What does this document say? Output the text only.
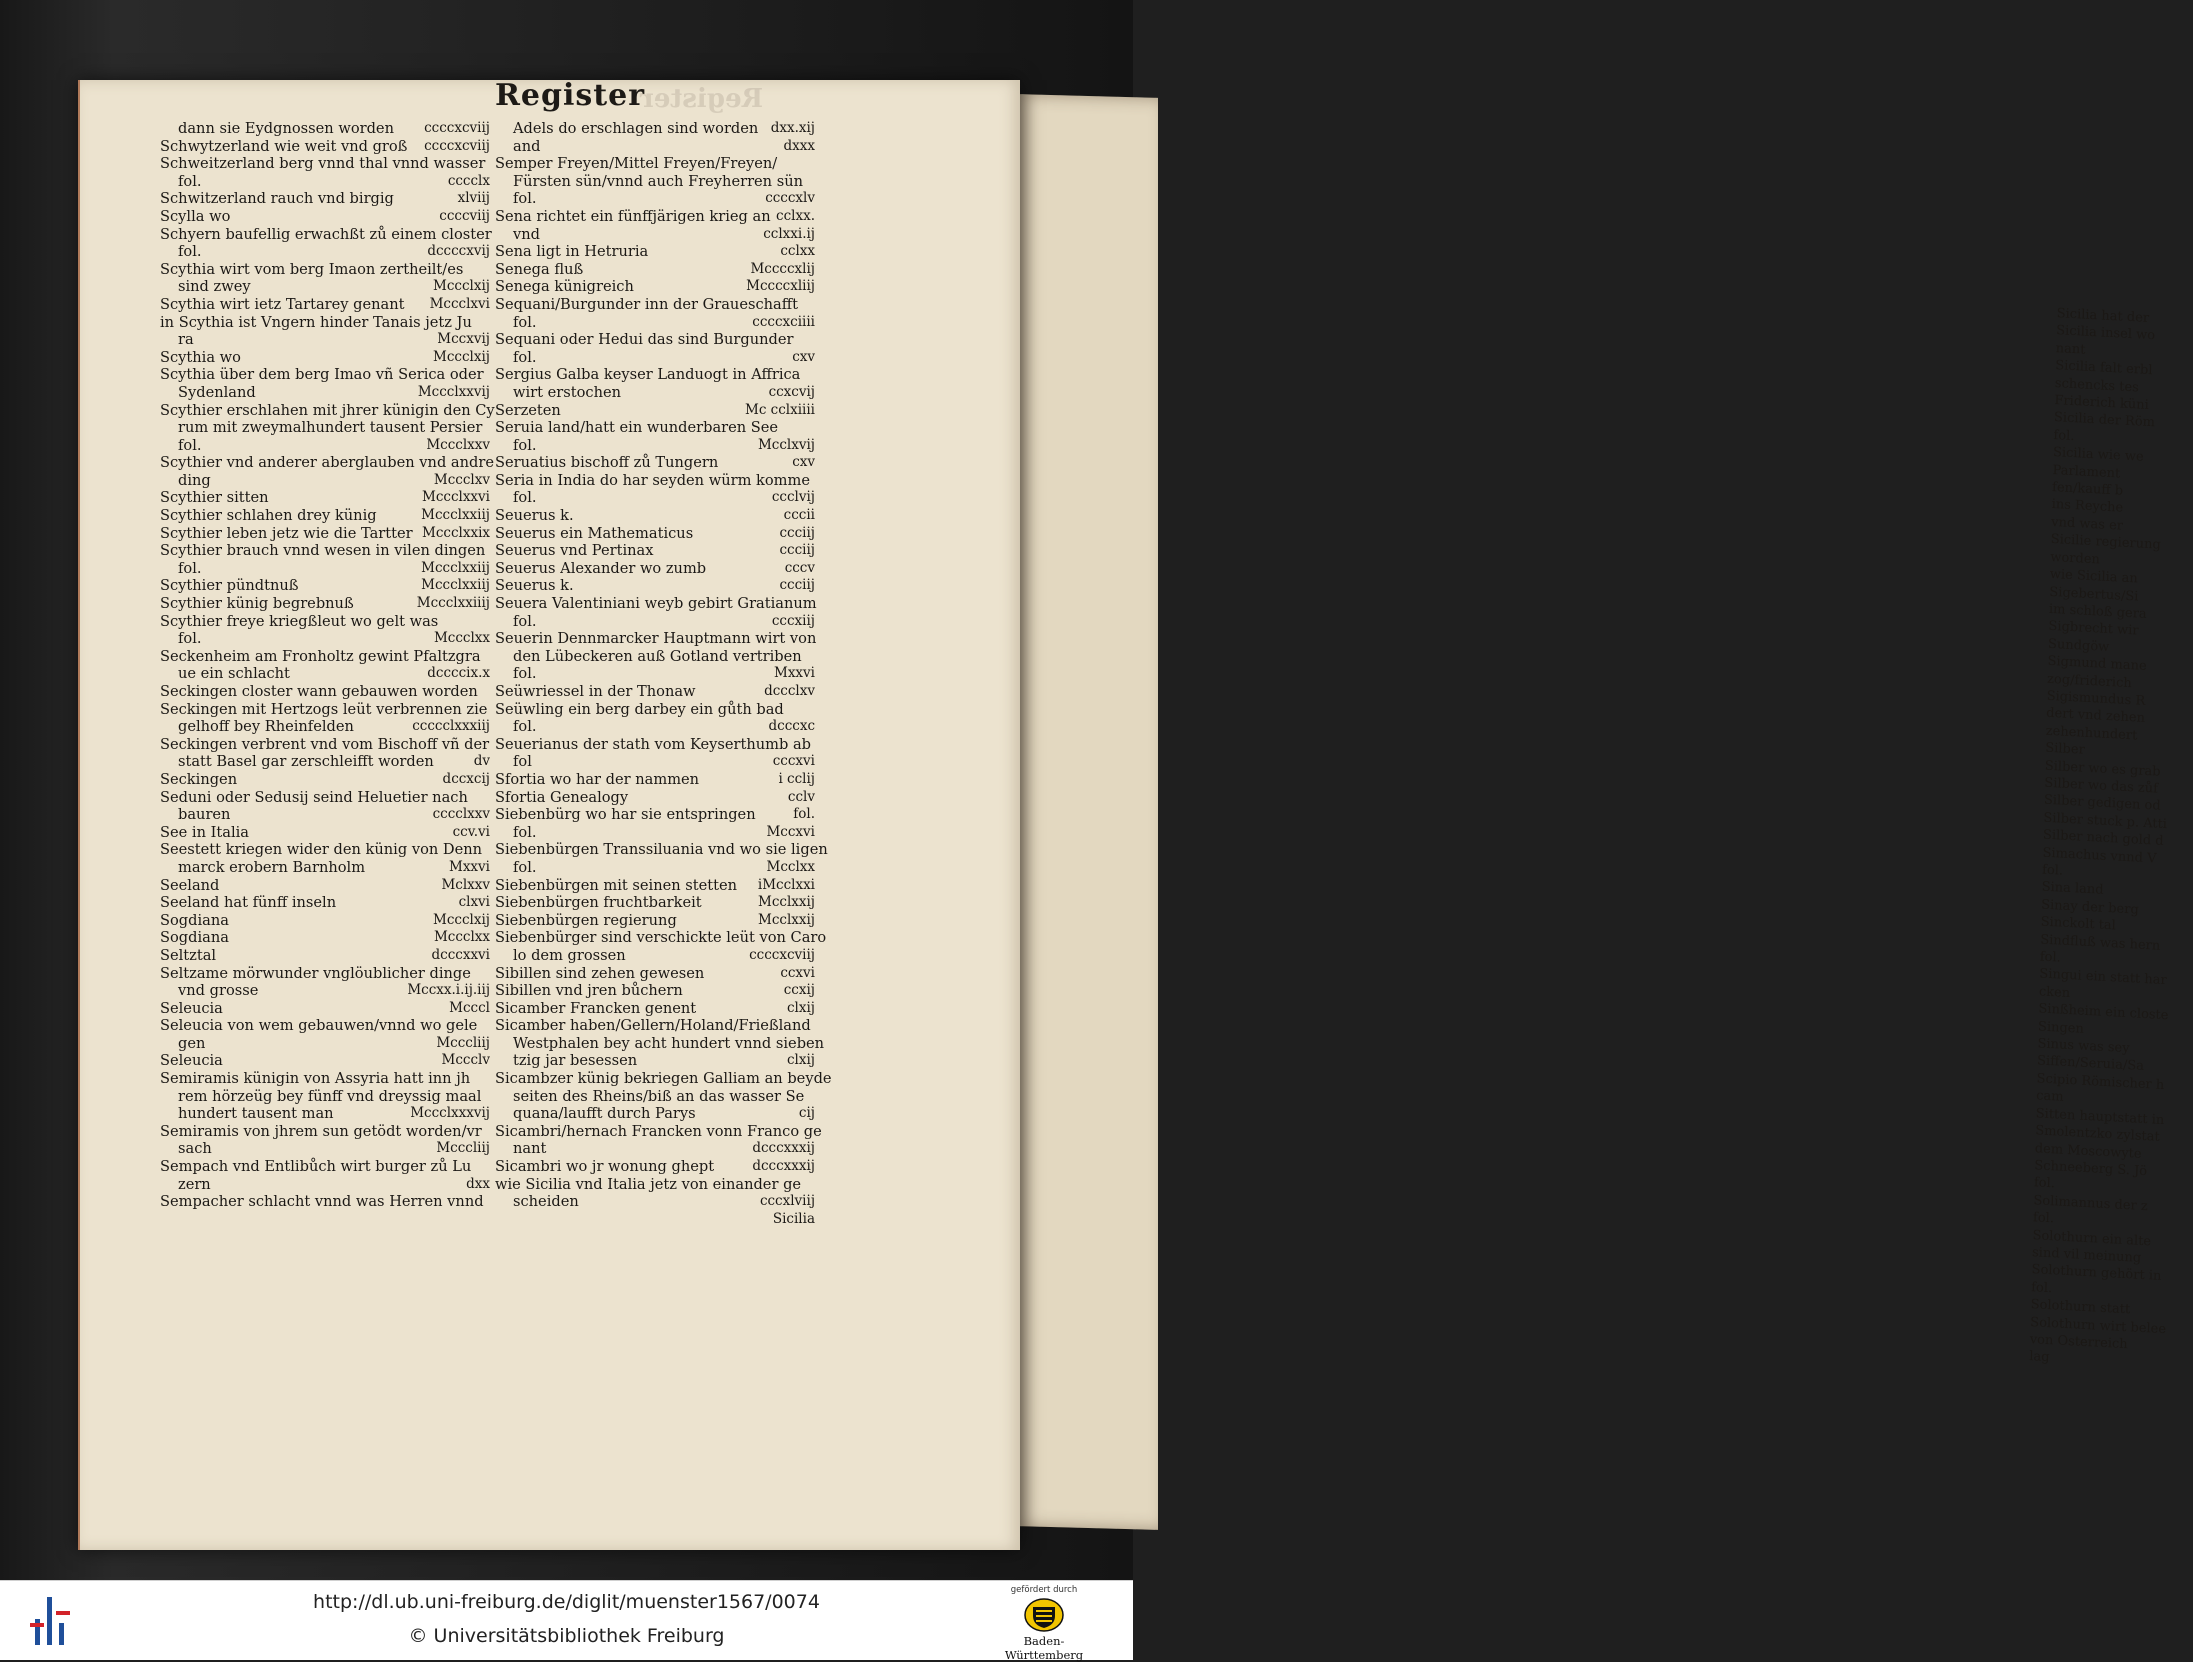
Sicilia hat der
Sicilia insel wo
nant
Sicilia falt erbl
schencks tes
Friderich küni
Sicilia der Röm
fol.
Sicilia wie we
Parlament
fen/kauff b
ins Reyche
vnd was er
Sicilie regierung
worden
wie Sicilia an
Sigebertus/Si
im schloß gera
Sigbrecht wir
Sundgöw
Sigmund mane
zog/friderich
Sigismundus R
dert vnd zehen
zehenhundert
Silber
Silber wo es grab
Silber wo das zůf
Silber gedigen od
Silber stuck p. Atti
Silber nach gold d
Simachus vnnd V
fol.
Sina land
Sinay der berg
Sinckolt tal
Sindfluß was hern
fol.
Singui ein statt har
cken
Sinßheim ein closte
Singen
Sinus was sey
Siffen/Seruia/Sa
Scipio Römischer h
cam
Sitten hauptstatt in
Smolentzko zylstat
dem Moscowyte
Schneeberg S. Jö
fol.
Solimannus der z
fol.
Solothurn ein alte
sind vil meinung
Solothurn gehört in
fol.
Solothurn statt
Solothurn wirt belee
von Osterreich
lag
Register
Register
dann sie Eydgnossen worden ccccxcviij
Schwytzerland wie weit vnd groß ccccxcviij
Schweitzerland berg vnnd thal vnnd wasser
fol.	cccclx
Schwitzerland rauch vnd birgig	xlviij
Scylla wo	ccccviij
Schyern baufellig erwachßt zů einem closter
fol.	dccccxvij
Scythia wirt vom berg Imaon zertheilt/es
sind zwey	Mccclxij
Scythia wirt ietz Tartarey genant Mccclxvi
in Scythia ist Vngern hinder Tanais jetz Ju
ra	Mccxvij
Scythia wo	Mccclxij
Scythia über dem berg Imao vñ Serica oder
Sydenland	Mccclxxvij
Scythier erschlahen mit jhrer künigin den Cy
rum mit zweymalhundert tausent Persier
fol.	Mccclxxv
Scythier vnd anderer aberglauben vnd andre
ding	Mccclxv
Scythier sitten	Mccclxxvi
Scythier schlahen drey künig	Mccclxxiij
Scythier leben jetz wie die Tartter Mccclxxix
Scythier brauch vnnd wesen in vilen dingen
fol.	Mccclxxiij
Scythier pündtnuß	Mccclxxiij
Scythier künig begrebnuß	Mccclxxiiij
Scythier freye kriegßleut wo gelt was
fol.	Mccclxx
Seckenheim am Fronholtz gewint Pfaltzgra
ue ein schlacht	dccccix.x
Seckingen closter wann gebauwen worden
Seckingen mit Hertzogs leüt verbrennen zie
gelhoff bey Rheinfelden	ccccclxxxiij
Seckingen verbrent vnd vom Bischoff vñ der
statt Basel gar zerschleifft worden	dv
Seckingen	dccxcij
Seduni oder Sedusij seind Heluetier nach
bauren	cccclxxv
See in Italia	ccv.vi
Seestett kriegen wider den künig von Denn
marck erobern Barnholm	Mxxvi
Seeland	Mclxxv
Seeland hat fünff inseln	clxvi
Sogdiana	Mccclxij
Sogdiana	Mccclxx
Seltztal	dcccxxvi
Seltzame mörwunder vnglöublicher dinge
vnd grosse	Mccxx.i.ij.iij
Seleucia	Mcccl
Seleucia von wem gebauwen/vnnd wo gele
gen	Mcccliij
Seleucia	Mccclv
Semiramis künigin von Assyria hatt inn jh
rem hörzeüg bey fünff vnd dreyssig maal
hundert tausent man	Mccclxxxvij
Semiramis von jhrem sun getödt worden/vr
sach	Mcccliij
Sempach vnd Entlibůch wirt burger zů Lu
zern	dxx
Sempacher schlacht vnnd was Herren vnnd
Adels do erschlagen sind worden dxx.xij
and	dxxx
Semper Freyen/Mittel Freyen/Freyen/
Fürsten sün/vnnd auch Freyherren sün
fol.	ccccxlv
Sena richtet ein fünffjärigen krieg an cclxx.
vnd	cclxxi.ij
Sena ligt in Hetruria	cclxx
Senega fluß	Mccccxlij
Senega künigreich	Mccccxliij
Sequani/Burgunder inn der Graueschafft
fol.	ccccxciiii
Sequani oder Hedui das sind Burgunder
fol.	cxv
Sergius Galba keyser Landuogt in Affrica
wirt erstochen	ccxcvij
Serzeten	Mc cclxiiii
Seruia land/hatt ein wunderbaren See
fol.	Mcclxvij
Seruatius bischoff zů Tungern	cxv
Seria in India do har seyden würm komme
fol.	ccclvij
Seuerus k.	cccii
Seuerus ein Mathematicus	ccciij
Seuerus vnd Pertinax	ccciij
Seuerus Alexander wo zumb	cccv
Seuerus k.	ccciij
Seuera Valentiniani weyb gebirt Gratianum
fol.	cccxiij
Seuerin Dennmarcker Hauptmann wirt von
den Lübeckeren auß Gotland vertriben
fol.	Mxxvi
Seüwriessel in der Thonaw	dccclxv
Seüwling ein berg darbey ein gůth bad
fol.	dcccxc
Seuerianus der stath vom Keyserthumb ab
fol	cccxvi
Sfortia wo har der nammen	i cclij
Sfortia Genealogy	cclv
Siebenbürg wo har sie entspringen	fol.
fol.	Mccxvi
Siebenbürgen Transsiluania vnd wo sie ligen
fol.	Mcclxx
Siebenbürgen mit seinen stetten iMcclxxi
Siebenbürgen fruchtbarkeit	Mcclxxij
Siebenbürgen regierung	Mcclxxij
Siebenbürger sind verschickte leüt von Caro
lo dem grossen	ccccxcviij
Sibillen sind zehen gewesen	ccxvi
Sibillen vnd jren bůchern	ccxij
Sicamber Francken genent	clxij
Sicamber haben/Gellern/Holand/Frießland
Westphalen bey acht hundert vnnd sieben
tzig jar besessen	clxij
Sicambzer künig bekriegen Galliam an beyde
seiten des Rheins/biß an das wasser Se
quana/laufft durch Parys	cij
Sicambri/hernach Francken vonn Franco ge
nant	dcccxxxij
Sicambri wo jr wonung ghept	dcccxxxij
wie Sicilia vnd Italia jetz von einander ge
scheiden	cccxlviij
Sicilia
http://dl.ub.uni-freiburg.de/diglit/muenster1567/0074
© Universitätsbibliothek Freiburg
gefördert durch
Baden-Württemberg
